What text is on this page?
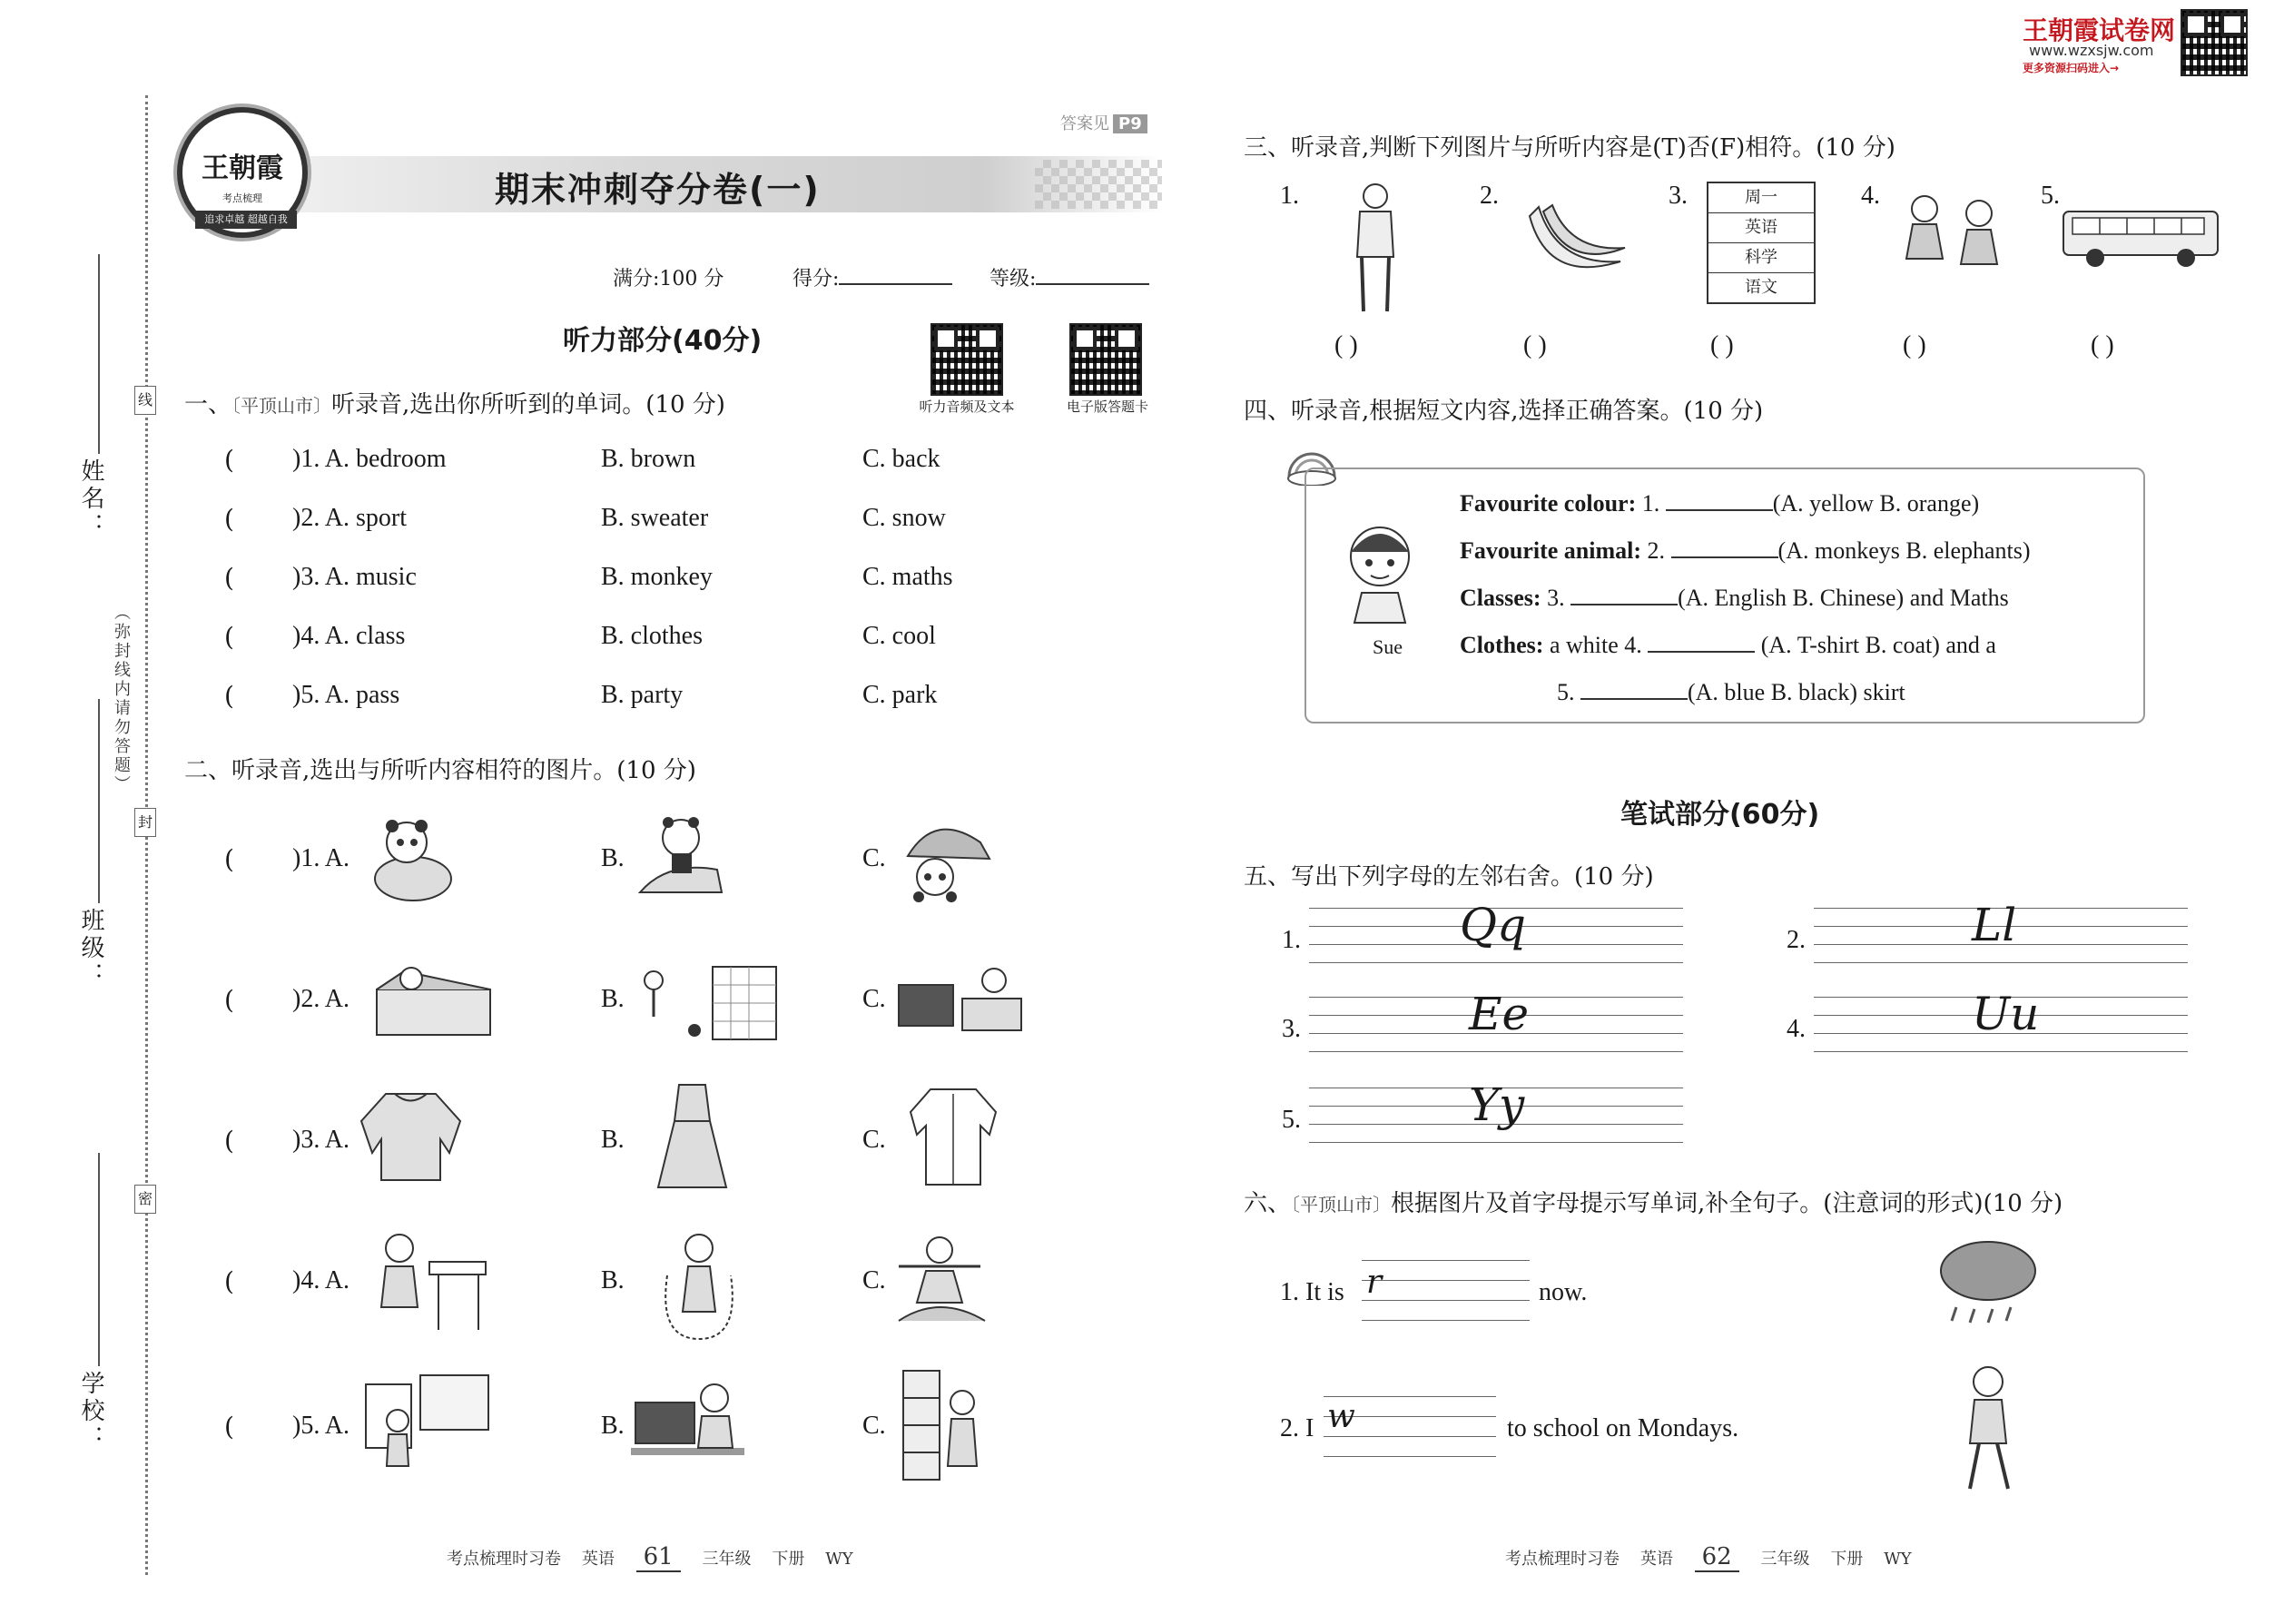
线
封
密
（弥封线内请勿答题）
姓名：
班级：
学校：
王朝霞
考点梳理
追求卓越 超越自我
期末冲刺夺分卷(一)
答案见 P9
满分:100 分	得分:	等级:
听力部分(40分)
听力音频及文本	电子版答题卡
一、〔平顶山市〕听录音,选出你所听到的单词。(10 分)
( )1. A. bedroom	B. brown	C. back
( )2. A. sport	B. sweater	C. snow
( )3. A. music	B. monkey	C. maths
( )4. A. class	B. clothes	C. cool
( )5. A. pass	B. party	C. park
二、听录音,选出与所听内容相符的图片。(10 分)
( )1. A.	B.	C.
( )2. A.	B.	C.
( )3. A.	B.	C.
( )4. A.	B.	C.
( )5. A.	B.	C.
考点梳理时习卷 英语 61 三年级 下册 WY
王朝霞试卷网
www.wzxsjw.com
更多资源扫码进入→
三、听录音,判断下列图片与所听内容是(T)否(F)相符。(10 分)
1.	2.	3.	周一
英语
科学
语文
4.	5.
( )	( )	( )	( )	( )
四、听录音,根据短文内容,选择正确答案。(10 分)
Sue
Favourite colour: 1.	(A. yellow B. orange)
Favourite animal: 2.	(A. monkeys B. elephants)
Classes: 3.	(A. English B. Chinese) and Maths
Clothes: a white 4.	(A. T-shirt B. coat) and a
5.	(A. blue B. black) skirt
笔试部分(60分)
五、写出下列字母的左邻右舍。(10 分)
1.	Qq	2.	Ll
3.	Ee	4.	Uu
5.	Yy
六、〔平顶山市〕根据图片及首字母提示写单词,补全句子。(注意词的形式)(10 分)
1. It is r	now.
2. I w	to school on Mondays.
考点梳理时习卷 英语 62 三年级 下册 WY
